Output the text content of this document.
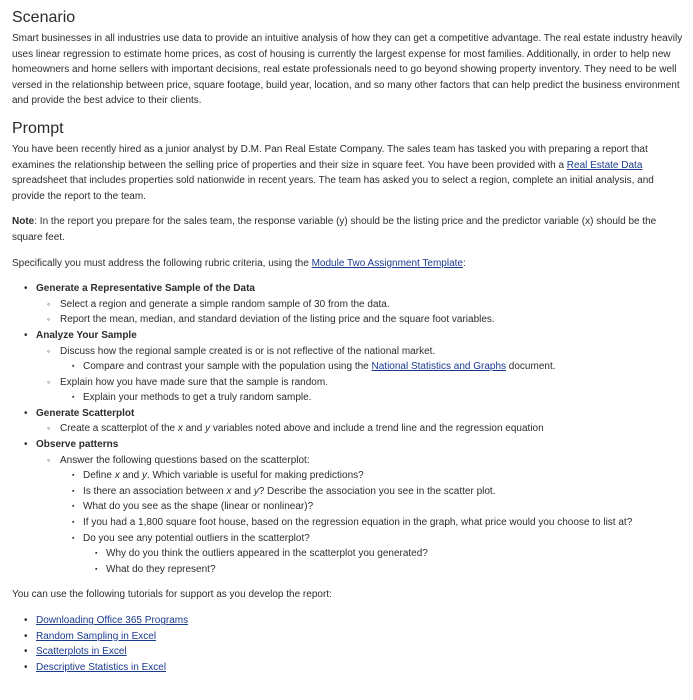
Scenario

Smart businesses in all industries use data to provide an intuitive analysis of how they can get a competitive advantage. The real estate industry heavily uses linear regression to estimate home prices, as cost of housing is currently the largest expense for most families. Additionally, in order to help new homeowners and home sellers with important decisions, real estate professionals need to go beyond showing property inventory. They need to be well versed in the relationship between price, square footage, build year, location, and so many other factors that can help predict the business environment and provide the best advice to their clients.

Prompt

You have been recently hired as a junior analyst by D.M. Pan Real Estate Company. The sales team has tasked you with preparing a report that examines the relationship between the selling price of properties and their size in square feet. You have been provided with a Real Estate Data spreadsheet that includes properties sold nationwide in recent years. The team has asked you to select a region, complete an initial analysis, and provide the report to the team.

Note: In the report you prepare for the sales team, the response variable (y) should be the listing price and the predictor variable (x) should be the square feet.

Specifically you must address the following rubric criteria, using the Module Two Assignment Template:

• Generate a Representative Sample of the Data
◦ Select a region and generate a simple random sample of 30 from the data.
◦ Report the mean, median, and standard deviation of the listing price and the square foot variables.
• Analyze Your Sample
◦ Discuss how the regional sample created is or is not reflective of the national market.
▪ Compare and contrast your sample with the population using the National Statistics and Graphs document.
◦ Explain how you have made sure that the sample is random.
▪ Explain your methods to get a truly random sample.
• Generate Scatterplot
◦ Create a scatterplot of the x and y variables noted above and include a trend line and the regression equation
• Observe patterns
◦ Answer the following questions based on the scatterplot:
▪ Define x and y. Which variable is useful for making predictions?
▪ Is there an association between x and y? Describe the association you see in the scatter plot.
▪ What do you see as the shape (linear or nonlinear)?
▪ If you had a 1,800 square foot house, based on the regression equation in the graph, what price would you choose to list at?
▪ Do you see any potential outliers in the scatterplot?
▪ Why do you think the outliers appeared in the scatterplot you generated?
▪ What do they represent?

You can use the following tutorials for support as you develop the report:

• Downloading Office 365 Programs
• Random Sampling in Excel
• Scatterplots in Excel
• Descriptive Statistics in Excel
